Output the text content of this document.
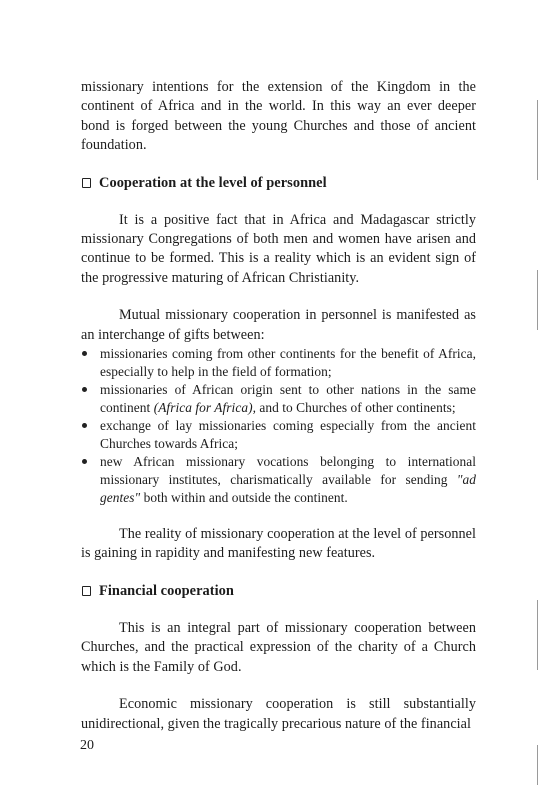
missionary intentions for the extension of the Kingdom in the continent of Africa and in the world. In this way an ever deeper bond is forged between the young Churches and those of ancient foundation.

Cooperation at the level of personnel

It is a positive fact that in Africa and Madagascar strictly missionary Congregations of both men and women have arisen and continue to be formed. This is a reality which is an evident sign of the progressive maturing of African Christianity.

Mutual missionary cooperation in personnel is manifested as an interchange of gifts between:

missionaries coming from other continents for the benefit of Africa, especially to help in the field of formation;
missionaries of African origin sent to other nations in the same continent (Africa for Africa), and to Churches of other continents;
exchange of lay missionaries coming especially from the ancient Churches towards Africa;
new African missionary vocations belonging to international missionary institutes, charismatically available for sending "ad gentes" both within and outside the continent.

The reality of missionary cooperation at the level of personnel is gaining in rapidity and manifesting new features.

Financial cooperation

This is an integral part of missionary cooperation between Churches, and the practical expression of the charity of a Church which is the Family of God.

Economic missionary cooperation is still substantially unidirectional, given the tragically precarious nature of the financial

20
